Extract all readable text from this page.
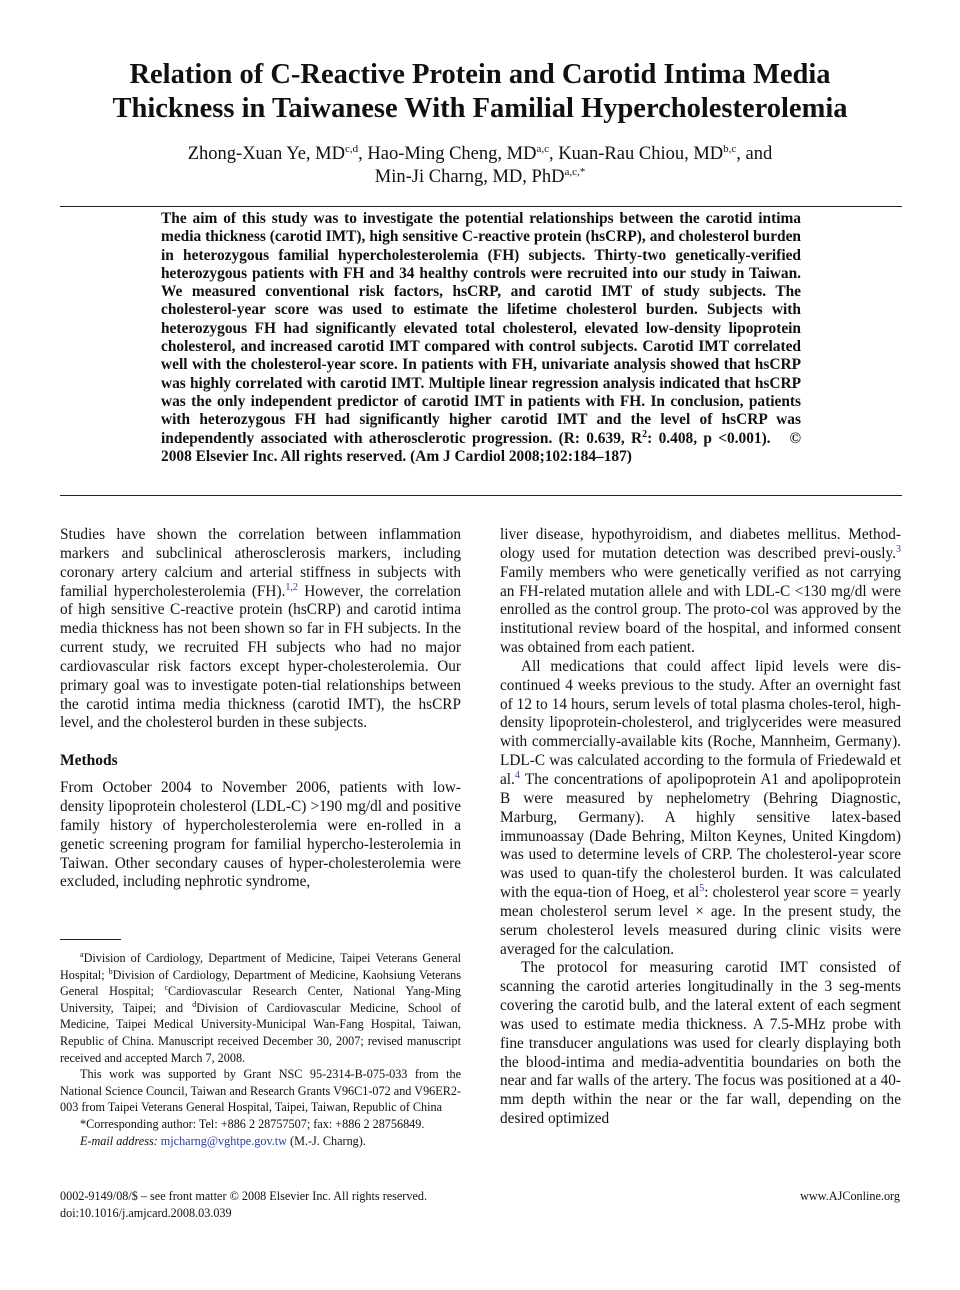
Relation of C-Reactive Protein and Carotid Intima Media
Thickness in Taiwanese With Familial Hypercholesterolemia
Zhong-Xuan Ye, MD$^{c,d}$, Hao-Ming Cheng, MD$^{a,c}$, Kuan-Rau Chiou, MD$^{b,c}$, and
Min-Ji Charng, MD, PhD$^{a,c,*}$
The aim of this study was to investigate the potential relationships between the carotid intima media thickness (carotid IMT), high sensitive C-reactive protein (hsCRP), and cholesterol burden in heterozygous familial hypercholesterolemia (FH) subjects. Thirty-two genetically-verified heterozygous patients with FH and 34 healthy controls were recruited into our study in Taiwan. We measured conventional risk factors, hsCRP, and carotid IMT of study subjects. The cholesterol-year score was used to estimate the lifetime cholesterol burden. Subjects with heterozygous FH had significantly elevated total cholesterol, elevated low-density lipoprotein cholesterol, and increased carotid IMT compared with control subjects. Carotid IMT correlated well with the cholesterol-year score. In patients with FH, univariate analysis showed that hsCRP was highly correlated with carotid IMT. Multiple linear regression analysis indicated that hsCRP was the only independent predictor of carotid IMT in patients with FH. In conclusion, patients with heterozygous FH had significantly higher carotid IMT and the level of hsCRP was independently associated with atherosclerotic progression. (R: 0.639, $R^2$: 0.408, p <0.001). © 2008 Elsevier Inc. All rights reserved. (Am J Cardiol 2008;102:184–187)

Studies have shown the correlation between inflammation markers and subclinical atherosclerosis markers, including coronary artery calcium and arterial stiffness in subjects with familial hypercholesterolemia (FH).$^{1,2}$ However, the correlation of high sensitive C-reactive protein (hsCRP) and carotid intima media thickness has not been shown so far in FH subjects. In the current study, we recruited FH subjects who had no major cardiovascular risk factors except hyper-cholesterolemia. Our primary goal was to investigate poten-tial relationships between the carotid intima media thickness (carotid IMT), the hsCRP level, and the cholesterol burden in these subjects.

Methods

From October 2004 to November 2006, patients with low-density lipoprotein cholesterol (LDL-C) >190 mg/dl and positive family history of hypercholesterolemia were en-rolled in a genetic screening program for familial hyperchо-lesterolemia in Taiwan. Other secondary causes of hyper-cholesterolemia were excluded, including nephrotic syndrome,

liver disease, hypothyroidism, and diabetes mellitus. Method-ology used for mutation detection was described previ-ously.$^3$ Family members who were genetically verified as not carrying an FH-related mutation allele and with LDL-C <130 mg/dl were enrolled as the control group. The proto-col was approved by the institutional review board of the hospital, and informed consent was obtained from each patient.

All medications that could affect lipid levels were dis-continued 4 weeks previous to the study. After an overnight fast of 12 to 14 hours, serum levels of total plasma choles-terol, high-density lipoprotein-cholesterol, and triglycerides were measured with commercially-available kits (Roche, Mannheim, Germany). LDL-C was calculated according to the formula of Friedewald et al.$^4$ The concentrations of apolipoprotein A1 and apolipoprotein B were measured by nephelometry (Behring Diagnostic, Marburg, Germany). A highly sensitive latex-based immunoassay (Dade Behring, Milton Keynes, United Kingdom) was used to determine levels of CRP. The cholesterol-year score was used to quan-tify the cholesterol burden. It was calculated with the equa-tion of Hoeg, et al$^5$: cholesterol year score = yearly mean cholesterol serum level × age. In the present study, the serum cholesterol levels measured during clinic visits were averaged for the calculation.

The protocol for measuring carotid IMT consisted of scanning the carotid arteries longitudinally in the 3 seg-ments covering the carotid bulb, and the lateral extent of each segment was used to estimate media thickness. A 7.5-MHz probe with fine transducer angulations was used for clearly displaying both the blood-intima and media-adventitia boundaries on both the near and far walls of the artery. The focus was positioned at a 40-mm depth within the near or the far wall, depending on the desired optimized

$^a$Division of Cardiology, Department of Medicine, Taipei Veterans General Hospital; $^b$Division of Cardiology, Department of Medicine, Kaohsiung Veterans General Hospital; $^c$Cardiovascular Research Center, National Yang-Ming University, Taipei; and $^d$Division of Cardiovascular Medicine, School of Medicine, Taipei Medical University-Municipal Wan-Fang Hospital, Taiwan, Republic of China. Manuscript received December 30, 2007; revised manuscript received and accepted March 7, 2008.

This work was supported by Grant NSC 95-2314-B-075-033 from the National Science Council, Taiwan and Research Grants V96C1-072 and V96ER2-003 from Taipei Veterans General Hospital, Taipei, Taiwan, Republic of China

*Corresponding author: Tel: +886 2 28757507; fax: +886 2 28756849.

E-mail address: mjcharng@vghtpe.gov.tw (M.-J. Charng).

0002-9149/08/$ – see front matter © 2008 Elsevier Inc. All rights reserved.
doi:10.1016/j.amjcard.2008.03.039
www.AJConline.org
